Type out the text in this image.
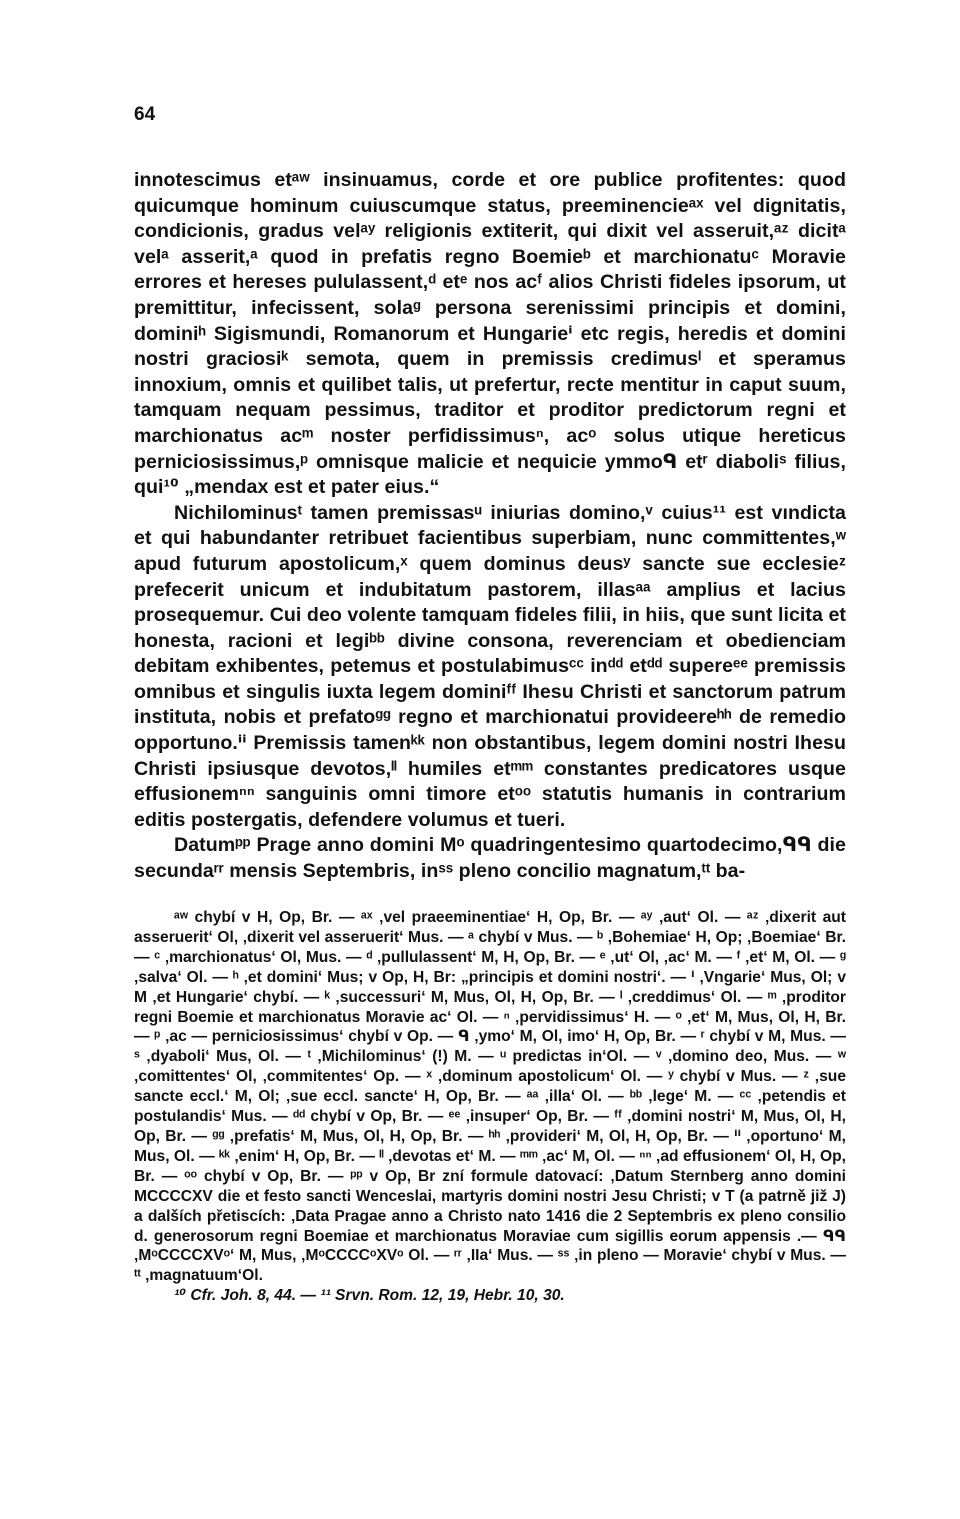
64

innotescimus etᵃʷ insinuamus, corde et ore publice profitentes: quod quicumque hominum cuiuscumque status, preeminencieᵃˣ vel dignitatis, condicionis, gradus velᵃʸ religionis extiterit, qui dixit vel asseruit,ᵃᶻ dicitᵃ velᵃ asserit,ᵃ quod in prefatis regno Boemieᵇ et marchionatuᶜ Moravie errores et hereses pululassent,ᵈ etᵉ nos acᶠ alios Christi fideles ipsorum, ut premittitur, infecissent, solaᵍ persona serenissimi principis et domini, dominiʰ Sigismundi, Romanorum et Hungarieⁱ etc regis, heredis et domini nostri graciosiᵏ semota, quem in premissis credimusˡ et speramus innoxium, omnis et quilibet talis, ut prefertur, recte mentitur in caput suum, tamquam nequam pessimus, traditor et proditor predictorum regni et marchionatus acᵐ noster perfidissimusⁿ, acᵒ solus utique hereticus perniciosissimus,ᵖ omnisque malicie et nequicie ymmoᑫ etʳ diaboliˢ filius, qui¹⁰ „mendax est et pater eius.“

Nichilominusᵗ tamen premissasᵘ iniurias domino,ᵛ cuius¹¹ est vındicta et qui habundanter retribuet facientibus superbiam, nunc committentes,ʷ apud futurum apostolicum,ˣ quem dominus deusʸ sancte sue ecclesieᶻ prefecerit unicum et indubitatum pastorem, illasᵃᵃ amplius et lacius prosequemur. Cui deo volente tamquam fideles filii, in hiis, que sunt licita et honesta, racioni et legiᵇᵇ divine consona, reverenciam et obedienciam debitam exhibentes, petemus et postulabimusᶜᶜ inᵈᵈ etᵈᵈ supereᵉᵉ premissis omnibus et singulis iuxta legem dominiᶠᶠ Ihesu Christi et sanctorum patrum instituta, nobis et prefatoᵍᵍ regno et marchionatui provideereʰʰ de remedio opportuno.ⁱⁱ Premissis tamenᵏᵏ non obstantibus, legem domini nostri Ihesu Christi ipsiusque devotos,ˡˡ humiles etᵐᵐ constantes predicatores usque effusionemⁿⁿ sanguinis omni timore etᵒᵒ statutis humanis in contrarium editis postergatis, defendere volumus et tueri.

Datumᵖᵖ Prage anno domini Mᵒ quadringentesimo quartodecimo,ᑫᑫ die secundaʳʳ mensis Septembris, inˢˢ pleno concilio magnatum,ᵗᵗ ba-

ᵃʷ chybí v H, Op, Br. — ᵃˣ ‚vel praeeminentiae‘ H, Op, Br. — ᵃʸ ‚aut‘ Ol. — ᵃᶻ ‚dixerit aut asseruerit‘ Ol, ‚dixerit vel asseruerit‘ Mus. — ᵃ chybí v Mus. — ᵇ ‚Bohemiae‘ H, Op; ‚Boemiae‘ Br. — ᶜ ‚marchionatus‘ Ol, Mus. — ᵈ ‚pullulassent‘ M, H, Op, Br. — ᵉ ‚ut‘ Ol, ‚ac‘ M. — ᶠ ‚et‘ M, Ol. — ᵍ ‚salva‘ Ol. — ʰ ‚et domini‘ Mus; v Op, H, Br: „principis et domini nostri‘. — ⁱ ‚Vngarie‘ Mus, Ol; v M ‚et Hungarie‘ chybí. — ᵏ ‚successuri‘ M, Mus, Ol, H, Op, Br. — ˡ ‚creddimus‘ Ol. — ᵐ ‚proditor regni Boemie et marchionatus Moravie ac‘ Ol. — ⁿ ‚pervidissimus‘ H. — ᵒ ‚et‘ M, Mus, Ol, H, Br. — ᵖ ‚ac — perniciosissimus‘ chybí v Op. — ᑫ ‚ymo‘ M, Ol, imo‘ H, Op, Br. — ʳ chybí v M, Mus. — ˢ ‚dyaboli‘ Mus, Ol. — ᵗ ‚Michilominus‘ (!) M. — ᵘ predictas in‘Ol. — ᵛ ‚domino deo, Mus. — ʷ ‚comittentes‘ Ol, ‚commitentes‘ Op. — ˣ ‚dominum apostolicum‘ Ol. — ʸ chybí v Mus. — ᶻ ‚sue sancte eccl.‘ M, Ol; ‚sue eccl. sancte‘ H, Op, Br. — ᵃᵃ ‚illa‘ Ol. — ᵇᵇ ‚lege‘ M. — ᶜᶜ ‚petendis et postulandis‘ Mus. — ᵈᵈ chybí v Op, Br. — ᵉᵉ ‚insuper‘ Op, Br. — ᶠᶠ ‚domini nostri‘ M, Mus, Ol, H, Op, Br. — ᵍᵍ ‚prefatis‘ M, Mus, Ol, H, Op, Br. — ʰʰ ‚provideri‘ M, Ol, H, Op, Br. — ⁱⁱ ‚oportuno‘ M, Mus, Ol. — ᵏᵏ ‚enim‘ H, Op, Br. — ˡˡ ‚devotas et‘ M. — ᵐᵐ ‚ac‘ M, Ol. — ⁿⁿ ‚ad effusionem‘ Ol, H, Op, Br. — ᵒᵒ chybí v Op, Br. — ᵖᵖ v Op, Br zní formule datovací: ‚Datum Sternberg anno domini MCCCCXV die et festo sancti Wenceslai, martyris domini nostri Jesu Christi; v T (a patrně již J) a dalších přetiscích: ‚Data Pragae anno a Christo nato 1416 die 2 Septembris ex pleno consilio d. generosorum regni Boemiae et marchionatus Moraviae cum sigillis eorum appensis .— ᑫᑫ ‚MᵒCCCCXVᵒ‘ M, Mus, ‚MᵒCCCCᵒXVᵒ Ol. — ʳʳ ‚IIa‘ Mus. — ˢˢ ‚in pleno — Moravie‘ chybí v Mus. — ᵗᵗ ‚magnatuum‘Ol.

¹⁰ Cfr. Joh. 8, 44. — ¹¹ Srvn. Rom. 12, 19, Hebr. 10, 30.
